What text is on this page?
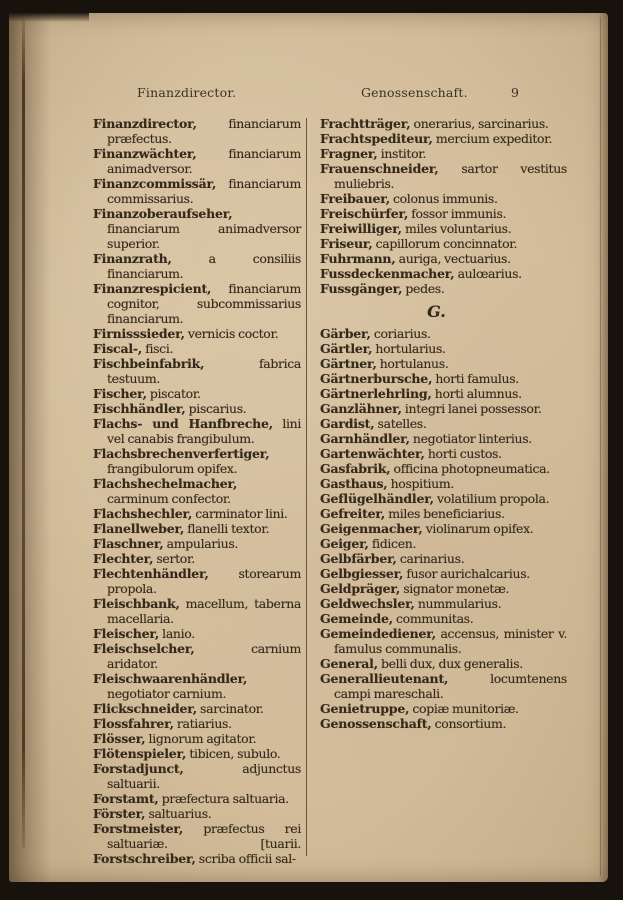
Finanzdirector.	Genossenschaft.	9
Finanzdirector,	financiarum præfectus.
Finanzwächter,	financiarum animadversor.
Finanzcommissär, financiarum commissarius.
Finanzoberaufseher, financiarum animadversor superior.
Finanzrath,	a consiliis financiarum.
Finanzrespicient, financiarum cognitor, subcommissarius financiarum.
Firnisssieder, vernicis coctor.
Fiscal-, fisci.
Fischbeinfabrik,	fabrica testuum.
Fischer, piscator.
Fischhändler, piscarius.
Flachs- und Hanfbreche, lini vel canabis frangibulum.
Flachsbrechenverfertiger, frangibulorum opifex.
Flachshechelmacher, carminum confector.
Flachshechler, carminator lini.
Flanellweber, flanelli textor.
Flaschner, ampularius.
Flechter, sertor.
Flechtenhändler, storearum propola.
Fleischbank, macellum, taberna macellaria.
Fleischer, lanio.
Fleischselcher,	carnium aridator.
Fleischwaarenhändler, negotiator carnium.
Flickschneider, sarcinator.
Flossfahrer, ratiarius.
Flösser, lignorum agitator.
Flötenspieler, tibicen, subulo.
Forstadjunct,	adjunctus saltuarii.
Forstamt, præfectura saltuaria.
Förster, saltuarius.
Forstmeister, præfectus rei saltuariæ.	[tuarii.
Forstschreiber, scriba officii sal-
Frachtträger, onerarius, sarcinarius.
Frachtspediteur, mercium expeditor.
Fragner, institor.
Frauenschneider, sartor vestitus muliebris.
Freibauer, colonus immunis.
Freischürfer, fossor immunis.
Freiwilliger, miles voluntarius.
Friseur, capillorum concinnator.
Fuhrmann, auriga, vectuarius.
Fussdeckenmacher, aulœarius.
Fussgänger, pedes.
G.
Gärber, coriarius.
Gärtler, hortularius.
Gärtner, hortulanus.
Gärtnerbursche, horti famulus.
Gärtnerlehrling, horti alumnus.
Ganzlähner, integri lanei possessor.
Gardist, satelles.
Garnhändler, negotiator linterius.
Gartenwächter, horti custos.
Gasfabrik, officina photopneumatica.
Gasthaus, hospitium.
Geflügelhändler, volatilium propola.
Gefreiter, miles beneficiarius.
Geigenmacher, violinarum opifex.
Geiger, fidicen.
Gelbfärber, carinarius.
Gelbgiesser, fusor aurichalcarius.
Geldpräger, signator monetæ.
Geldwechsler, nummularius.
Gemeinde, communitas.
Gemeindediener, accensus, minister v. famulus communalis.
General, belli dux, dux generalis.
Generallieutenant,	locumtenens campi mareschali.
Genietruppe, copiæ munitoriæ.
Genossenschaft, consortium.
